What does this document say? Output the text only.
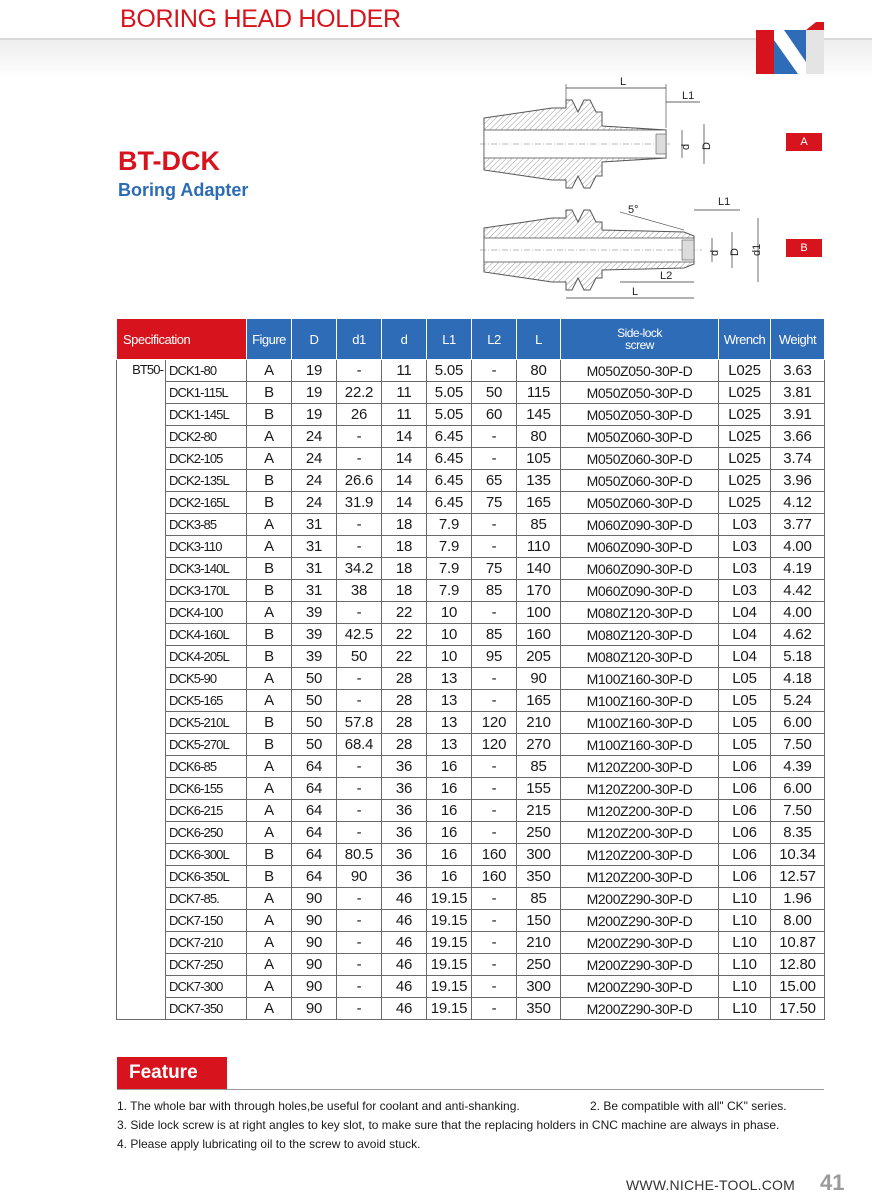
BORING HEAD HOLDER
BT-DCK
Boring Adapter
L
L1
d D
5°
L1
L2
L
d D d1
A
B
Specification		Figure	D	d1	d	L1	L2	L	Side-lock
screw	Wrench	Weight
BT50-	DCK1-80	A	19	-	11	5.05	-	80	M050Z050-30P-D	L025	3.63
	DCK1-115L	B	19	22.2	11	5.05	50	115	M050Z050-30P-D	L025	3.81
	DCK1-145L	B	19	26	11	5.05	60	145	M050Z050-30P-D	L025	3.91
	DCK2-80	A	24	-	14	6.45	-	80	M050Z060-30P-D	L025	3.66
	DCK2-105	A	24	-	14	6.45	-	105	M050Z060-30P-D	L025	3.74
	DCK2-135L	B	24	26.6	14	6.45	65	135	M050Z060-30P-D	L025	3.96
	DCK2-165L	B	24	31.9	14	6.45	75	165	M050Z060-30P-D	L025	4.12
	DCK3-85	A	31	-	18	7.9	-	85	M060Z090-30P-D	L03	3.77
	DCK3-110	A	31	-	18	7.9	-	110	M060Z090-30P-D	L03	4.00
	DCK3-140L	B	31	34.2	18	7.9	75	140	M060Z090-30P-D	L03	4.19
	DCK3-170L	B	31	38	18	7.9	85	170	M060Z090-30P-D	L03	4.42
	DCK4-100	A	39	-	22	10	-	100	M080Z120-30P-D	L04	4.00
	DCK4-160L	B	39	42.5	22	10	85	160	M080Z120-30P-D	L04	4.62
	DCK4-205L	B	39	50	22	10	95	205	M080Z120-30P-D	L04	5.18
	DCK5-90	A	50	-	28	13	-	90	M100Z160-30P-D	L05	4.18
	DCK5-165	A	50	-	28	13	-	165	M100Z160-30P-D	L05	5.24
	DCK5-210L	B	50	57.8	28	13	120	210	M100Z160-30P-D	L05	6.00
	DCK5-270L	B	50	68.4	28	13	120	270	M100Z160-30P-D	L05	7.50
	DCK6-85	A	64	-	36	16	-	85	M120Z200-30P-D	L06	4.39
	DCK6-155	A	64	-	36	16	-	155	M120Z200-30P-D	L06	6.00
	DCK6-215	A	64	-	36	16	-	215	M120Z200-30P-D	L06	7.50
	DCK6-250	A	64	-	36	16	-	250	M120Z200-30P-D	L06	8.35
	DCK6-300L	B	64	80.5	36	16	160	300	M120Z200-30P-D	L06	10.34
	DCK6-350L	B	64	90	36	16	160	350	M120Z200-30P-D	L06	12.57
	DCK7-85.	A	90	-	46	19.15	-	85	M200Z290-30P-D	L10	1.96
	DCK7-150	A	90	-	46	19.15	-	150	M200Z290-30P-D	L10	8.00
	DCK7-210	A	90	-	46	19.15	-	210	M200Z290-30P-D	L10	10.87
	DCK7-250	A	90	-	46	19.15	-	250	M200Z290-30P-D	L10	12.80
	DCK7-300	A	90	-	46	19.15	-	300	M200Z290-30P-D	L10	15.00
	DCK7-350	A	90	-	46	19.15	-	350	M200Z290-30P-D	L10	17.50
Feature
1. The whole bar with through holes,be useful for coolant and anti-shanking.	2. Be compatible with all" CK" series.
3. Side lock screw is at right angles to key slot, to make sure that the replacing holders in CNC machine are always in phase.
4. Please apply lubricating oil to the screw to avoid stuck.
WWW.NICHE-TOOL.COM 41
